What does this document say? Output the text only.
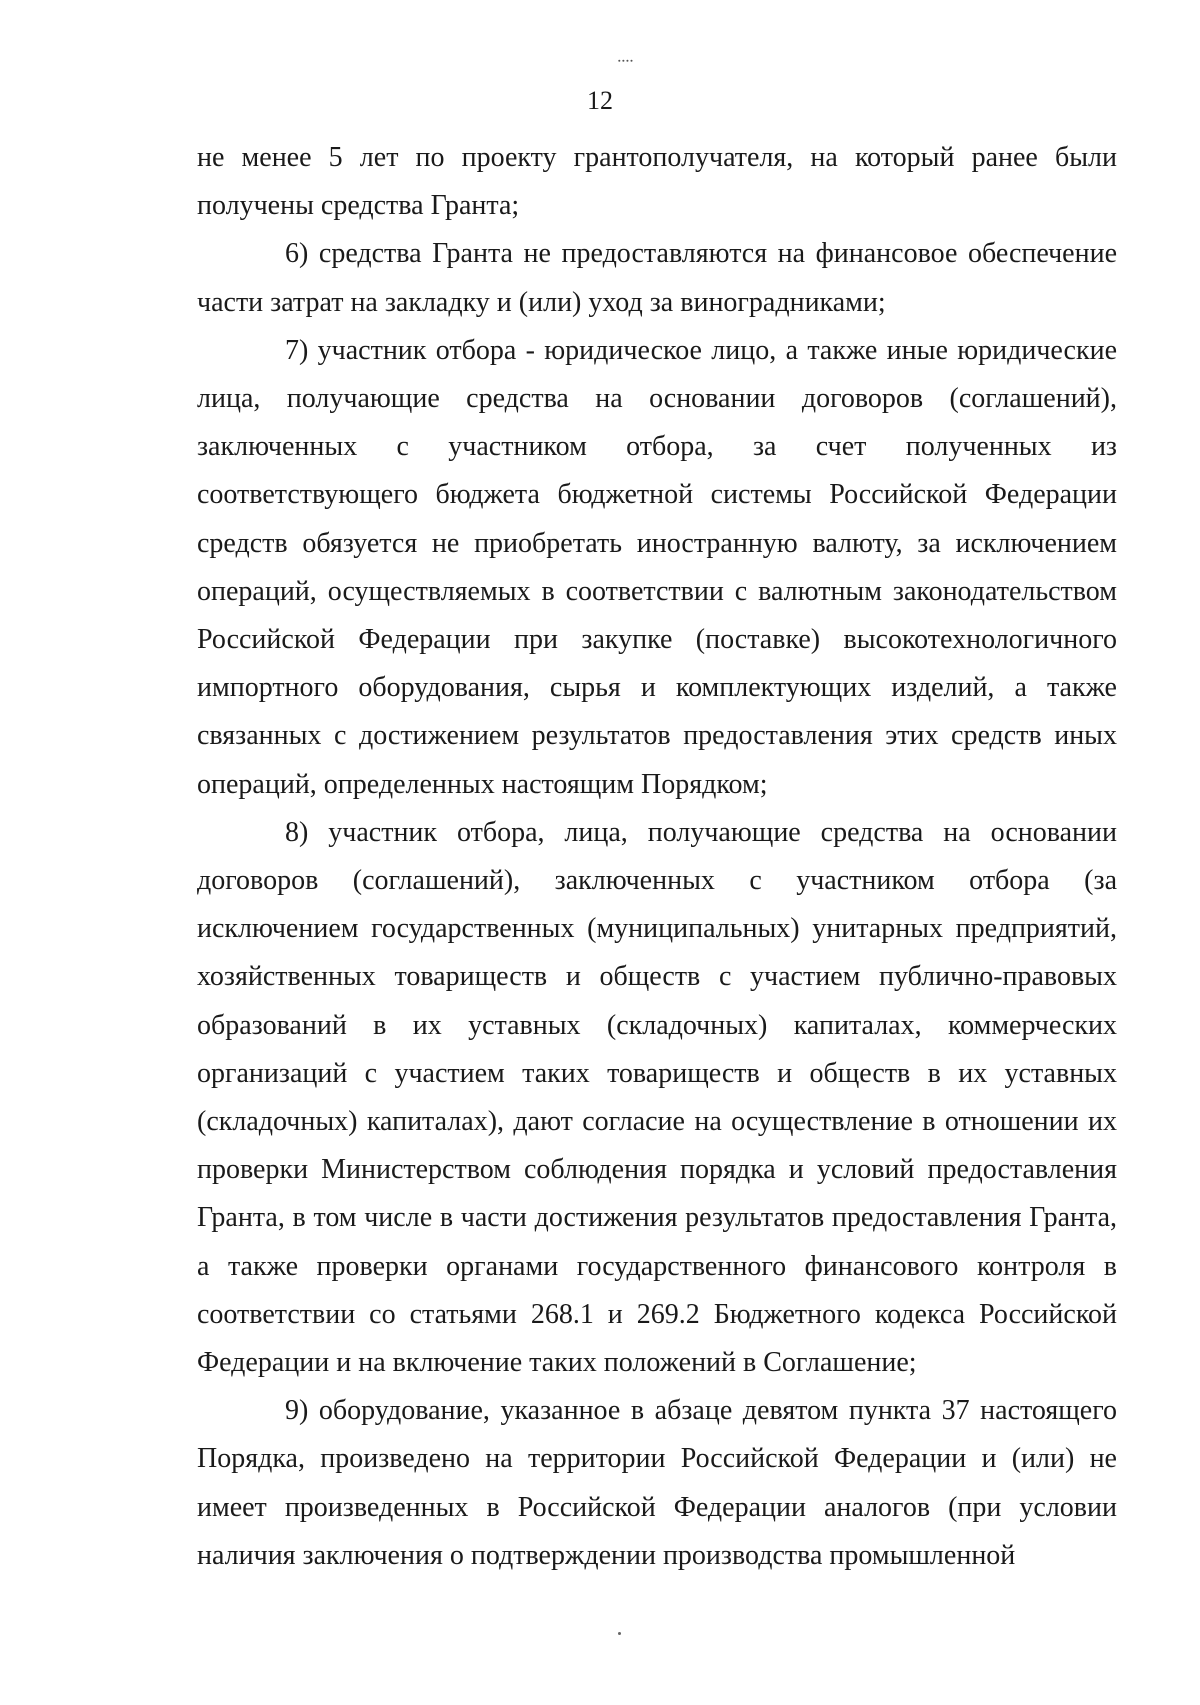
᠁
12

не менее 5 лет по проекту грантополучателя, на который ранее были получены средства Гранта;

6) средства Гранта не предоставляются на финансовое обеспечение части затрат на закладку и (или) уход за виноградниками;

7) участник отбора - юридическое лицо, а также иные юридические лица, получающие средства на основании договоров (соглашений), заключенных с участником отбора, за счет полученных из соответствующего бюджета бюджетной системы Российской Федерации средств обязуется не приобретать иностранную валюту, за исключением операций, осуществляемых в соответствии с валютным законодательством Российской Федерации при закупке (поставке) высокотехнологичного импортного оборудования, сырья и комплектующих изделий, а также связанных с достижением результатов предоставления этих средств иных операций, определенных настоящим Порядком;

8) участник отбора, лица, получающие средства на основании договоров (соглашений), заключенных с участником отбора (за исключением государственных (муниципальных) унитарных предприятий, хозяйственных товариществ и обществ с участием публично-правовых образований в их уставных (складочных) капиталах, коммерческих организаций с участием таких товариществ и обществ в их уставных (складочных) капиталах), дают согласие на осуществление в отношении их проверки Министерством соблюдения порядка и условий предоставления Гранта, в том числе в части достижения результатов предоставления Гранта, а также проверки органами государственного финансового контроля в соответствии со статьями 268.1 и 269.2 Бюджетного кодекса Российской Федерации и на включение таких положений в Соглашение;

9) оборудование, указанное в абзаце девятом пункта 37 настоящего Порядка, произведено на территории Российской Федерации и (или) не имеет произведенных в Российской Федерации аналогов (при условии наличия заключения о подтверждении производства промышленной
